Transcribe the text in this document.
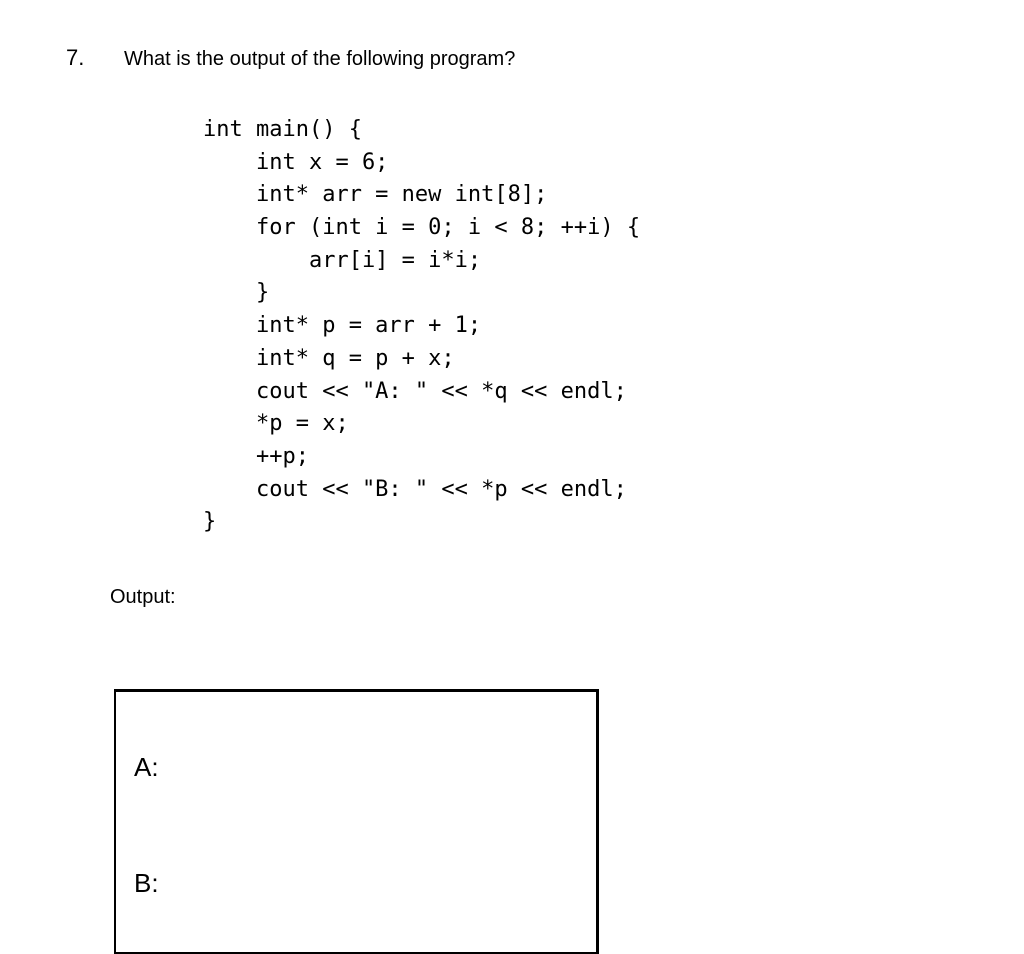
7. What is the output of the following program?
int main() {
int x = 6;
int* arr = new int[8];
for (int i = 0; i < 8; ++i) {
arr[i] = i*i;
}
int* p = arr + 1;
int* q = p + x;
cout << "A: " << *q << endl;
*p = x;
++p;
cout << "B: " << *p << endl;
}
Output:
A:
B:
